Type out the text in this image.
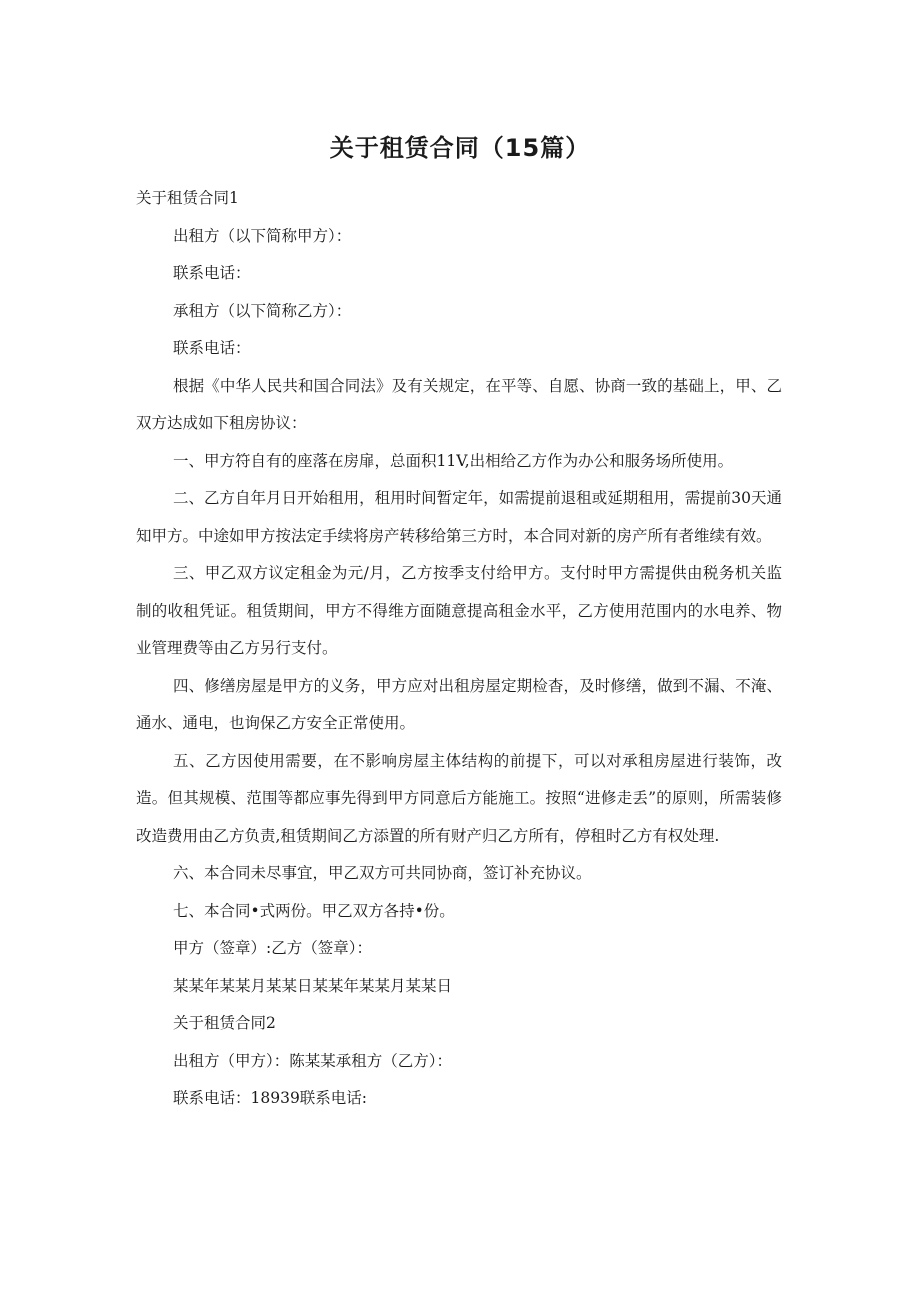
关于租赁合同（15篇）

关于租赁合同1

出租方（以下简称甲方）：

联系电话：

承租方（以下简称乙方）：

联系电话：

根据《中华人民共和国合同法》及有关规定，在平等、自愿、协商一致的基础上，甲、乙双方达成如下租房协议：

一、甲方符自有的座落在房扉，总面积11V,出相给乙方作为办公和服务场所使用。

二、乙方自年月日开始租用，租用时间暂定年，如需提前退租或延期租用，需提前30天通知甲方。中途如甲方按法定手续将房产转移给第三方时，本合同对新的房产所有者维续有效。

三、甲乙双方议定租金为元/月，乙方按季支付给甲方。支付时甲方需提供由税务机关监制的收租凭证。租赁期间，甲方不得维方面随意提高租金水平，乙方使用范围内的水电养、物业管理费等由乙方另行支付。

四、修缮房屋是甲方的义务，甲方应对出租房屋定期检杳，及时修缮，做到不漏、不淹、通水、通电，也询保乙方安全正常使用。

五、乙方因使用需要，在不影响房屋主体结构的前提下，可以对承租房屋进行装饰，改造。但其规模、范围等都应事先得到甲方同意后方能施工。按照“进修走丢”的原则，所需装修改造费用由乙方负责,租赁期间乙方添置的所有财产归乙方所有，停租时乙方有权处理.

六、本合同未尽事宜，甲乙双方可共同协商，签订补充协议。

七、本合同•式两份。甲乙双方各持•份。

甲方（签章）:乙方（签章）：

某某年某某月某某日某某年某某月某某日

关于租赁合同2

出租方（甲方）：陈某某承租方（乙方）：

联系电话：18939联系电话:
